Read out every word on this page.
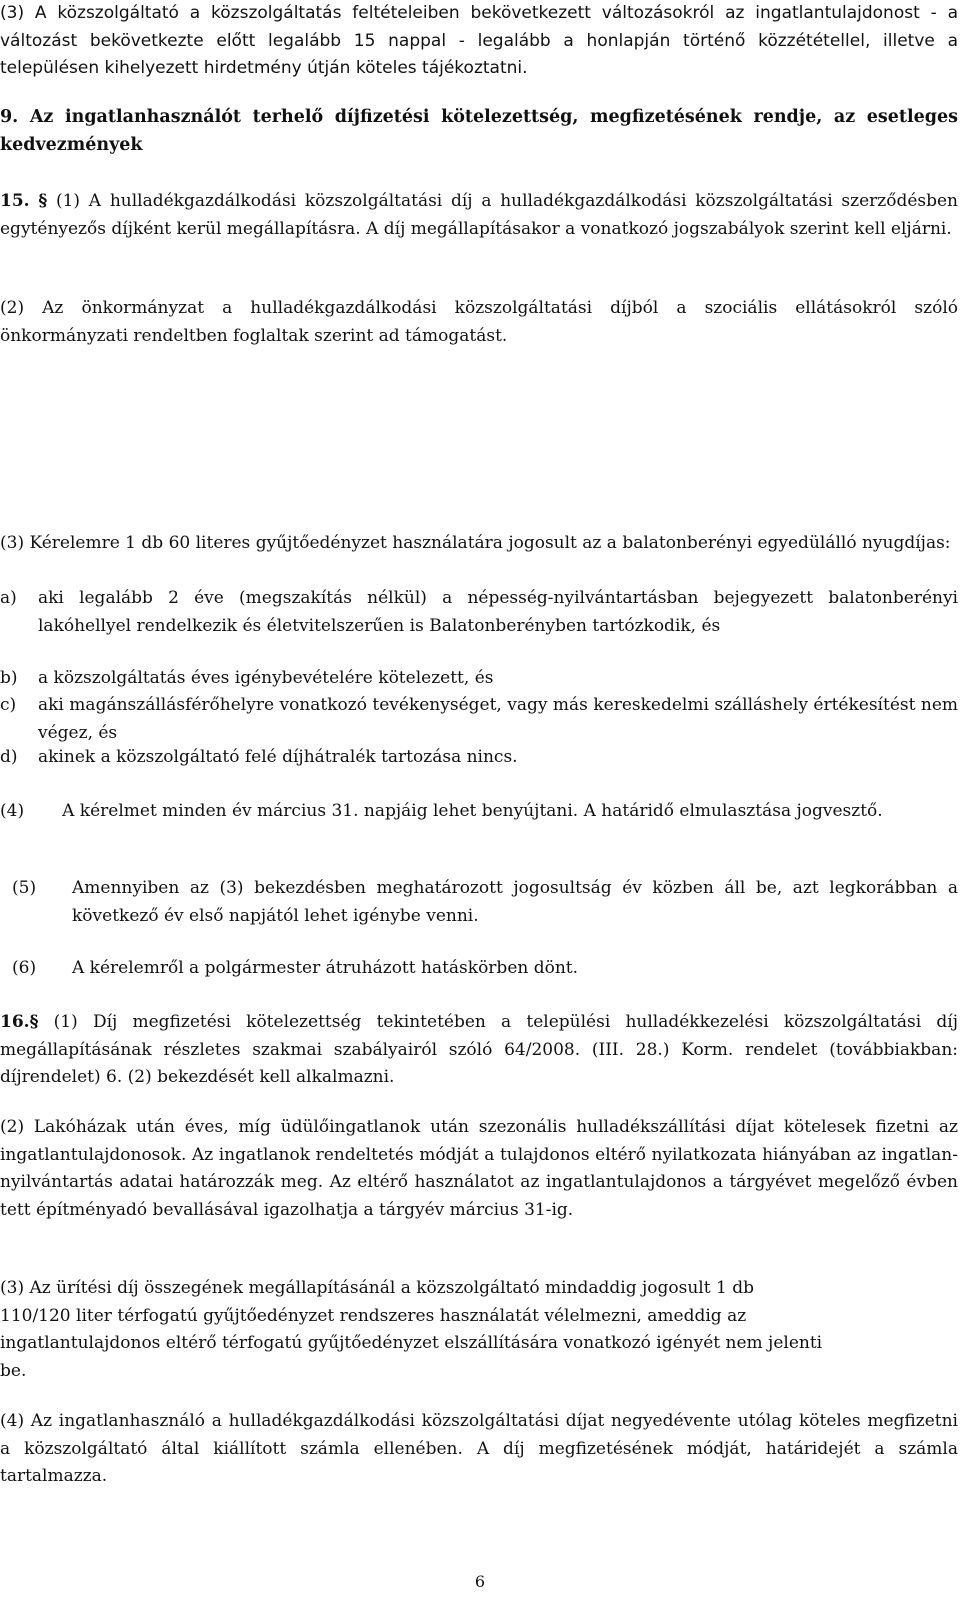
(3) A közszolgáltató a közszolgáltatás feltételeiben bekövetkezett változásokról az ingatlantulajdonost - a változást bekövetkezte előtt legalább 15 nappal - legalább a honlapján történő közzététellel, illetve a településen kihelyezett hirdetmény útján köteles tájékoztatni.

9. Az ingatlanhasználót terhelő díjfizetési kötelezettség, megfizetésének rendje, az esetleges kedvezmények

15. § (1) A hulladékgazdálkodási közszolgáltatási díj a hulladékgazdálkodási közszolgáltatási szerződésben egytényezős díjként kerül megállapításra. A díj megállapításakor a vonatkozó jogszabályok szerint kell eljárni.

(2) Az önkormányzat a hulladékgazdálkodási közszolgáltatási díjból a szociális ellátásokról szóló önkormányzati rendeltben foglaltak szerint ad támogatást.

(3) Kérelemre 1 db 60 literes gyűjtőedényzet használatára jogosult az a balatonberényi egyedülálló nyugdíjas:

a) aki legalább 2 éve (megszakítás nélkül) a népesség-nyilvántartásban bejegyezett balatonberényi lakóhellyel rendelkezik és életvitelszerűen is Balatonberényben tartózkodik, és
b) a közszolgáltatás éves igénybevételére kötelezett, és
c) aki magánszállásférőhelyre vonatkozó tevékenységet, vagy más kereskedelmi szálláshely értékesítést nem végez, és
d) akinek a közszolgáltató felé díjhátralék tartozása nincs.

(4) A kérelmet minden év március 31. napjáig lehet benyújtani. A határidő elmulasztása jogvesztő.

(5) Amennyiben az (3) bekezdésben meghatározott jogosultság év közben áll be, azt legkorábban a következő év első napjától lehet igénybe venni.
(6) A kérelemről a polgármester átruházott hatáskörben dönt.

16.§ (1) Díj megfizetési kötelezettség tekintetében a települési hulladékkezelési közszolgáltatási díj megállapításának részletes szakmai szabályairól szóló 64/2008. (III. 28.) Korm. rendelet (továbbiakban: díjrendelet) 6. (2) bekezdését kell alkalmazni.

(2) Lakóházak után éves, míg üdülőingatlanok után szezonális hulladékszállítási díjat kötelesek fizetni az ingatlantulajdonosok. Az ingatlanok rendeltetés módját a tulajdonos eltérő nyilatkozata hiányában az ingatlan-nyilvántartás adatai határozzák meg. Az eltérő használatot az ingatlantulajdonos a tárgyévet megelőző évben tett építményadó bevallásával igazolhatja a tárgyév március 31-ig.

(3) Az ürítési díj összegének megállapításánál a közszolgáltató mindaddig jogosult 1 db
110/120 liter térfogatú gyűjtőedényzet rendszeres használatát vélelmezni, ameddig az
ingatlantulajdonos eltérő térfogatú gyűjtőedényzet elszállítására vonatkozó igényét nem jelenti
be.

(4) Az ingatlanhasználó a hulladékgazdálkodási közszolgáltatási díjat negyedévente utólag köteles megfizetni a közszolgáltató által kiállított számla ellenében. A díj megfizetésének módját, határidejét a számla tartalmazza.

6
